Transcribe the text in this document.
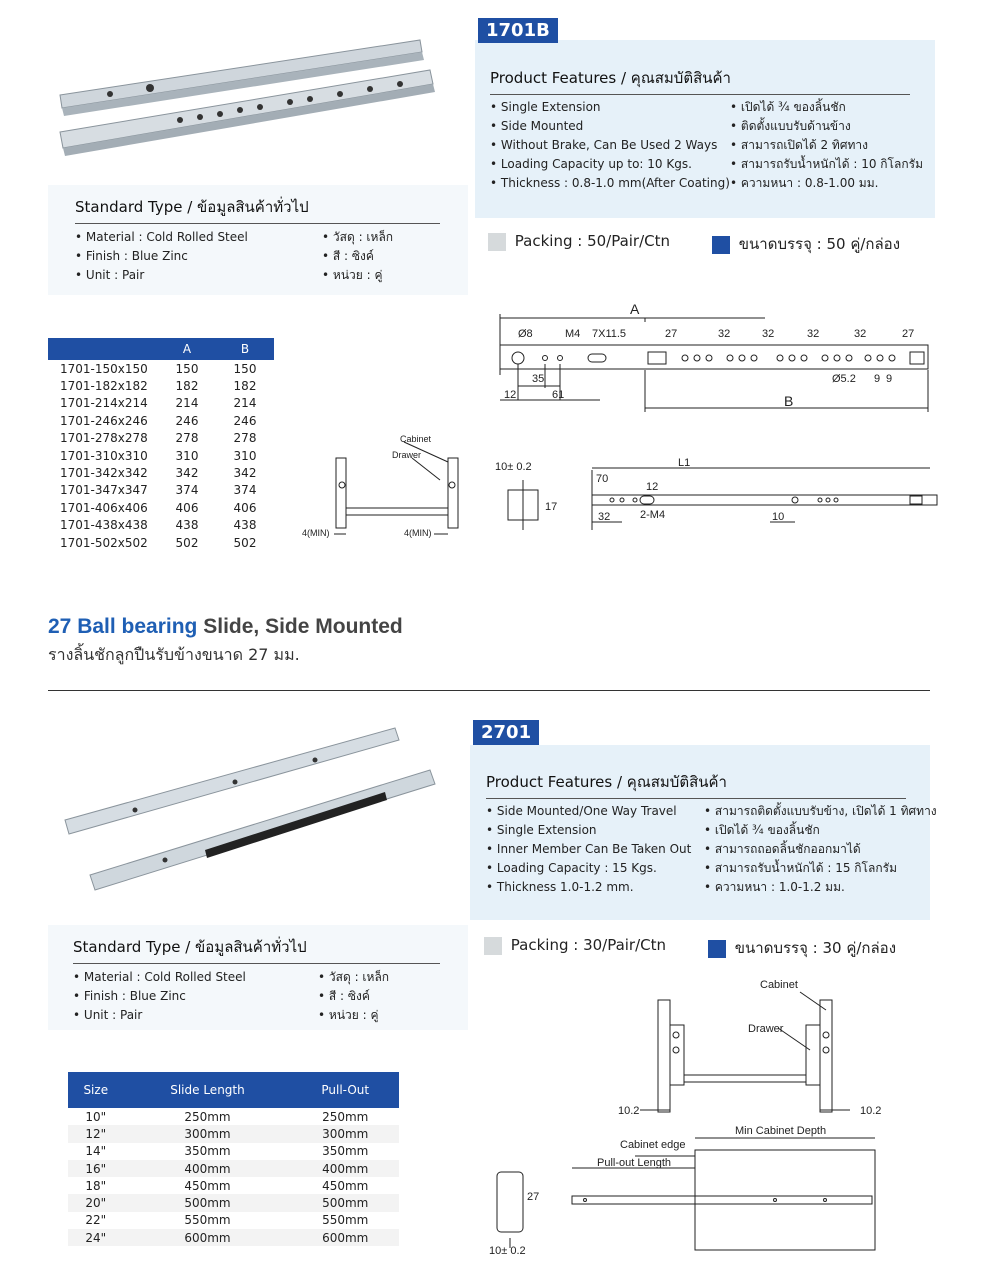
1701B
Product Features / คุณสมบัติสินค้า
• Single Extension
• Side Mounted
• Without Brake, Can Be Used 2 Ways
• Loading Capacity up to: 10 Kgs.
• Thickness : 0.8-1.0 mm(After Coating)
• เปิดได้ ¾ ของลิ้นชัก
• ติดตั้งแบบรับด้านข้าง
• สามารถเปิดได้ 2 ทิศทาง
• สามารถรับน้ำหนักได้ : 10 กิโลกรัม
• ความหนา : 0.8-1.00 มม.
Standard Type / ข้อมูลสินค้าทั่วไป
• Material : Cold Rolled Steel
• Finish : Blue Zinc
• Unit : Pair
• วัสดุ : เหล็ก
• สี : ซิงค์
• หน่วย : คู่
Packing : 50/Pair/Ctn	ขนาดบรรจุ : 50 คู่/กล่อง
	A	B
1701-150x150	150	150
1701-182x182	182	182
1701-214x214	214	214
1701-246x246	246	246
1701-278x278	278	278
1701-310x310	310	310
1701-342x342	342	342
1701-347x347	374	374
1701-406x406	406	406
1701-438x438	438	438
1701-502x502	502	502
A
Ø8	M4 7X11.5	27	32	32	32	32	27
Ø5.2 9 9
35
12	61	B
10± 0.2
17
L1
70
12
32	2-M4	10
Cabinet
Drawer
4(MIN)	4(MIN)
27 Ball bearing Slide, Side Mounted
รางลิ้นชักลูกปืนรับข้างขนาด 27 มม.
2701
Product Features / คุณสมบัติสินค้า
• Side Mounted/One Way Travel
• Single Extension
• Inner Member Can Be Taken Out
• Loading Capacity : 15 Kgs.
• Thickness 1.0-1.2 mm.
• สามารถติดตั้งแบบรับข้าง, เปิดได้ 1 ทิศทาง
• เปิดได้ ¾ ของลิ้นชัก
• สามารถถอดลิ้นชักออกมาได้
• สามารถรับน้ำหนักได้ : 15 กิโลกรัม
• ความหนา : 1.0-1.2 มม.
Standard Type / ข้อมูลสินค้าทั่วไป
• Material : Cold Rolled Steel
• Finish : Blue Zinc
• Unit : Pair
• วัสดุ : เหล็ก
• สี : ซิงค์
• หน่วย : คู่
Packing : 30/Pair/Ctn	ขนาดบรรจุ : 30 คู่/กล่อง
Size	Slide Length	Pull-Out
10"	250mm	250mm
12"	300mm	300mm
14"	350mm	350mm
16"	400mm	400mm
18"	450mm	450mm
20"	500mm	500mm
22"	550mm	550mm
24"	600mm	600mm
Cabinet
Drawer
10.2	10.2
Min Cabinet Depth
Cabinet edge
Pull-out Length
27
10± 0.2
